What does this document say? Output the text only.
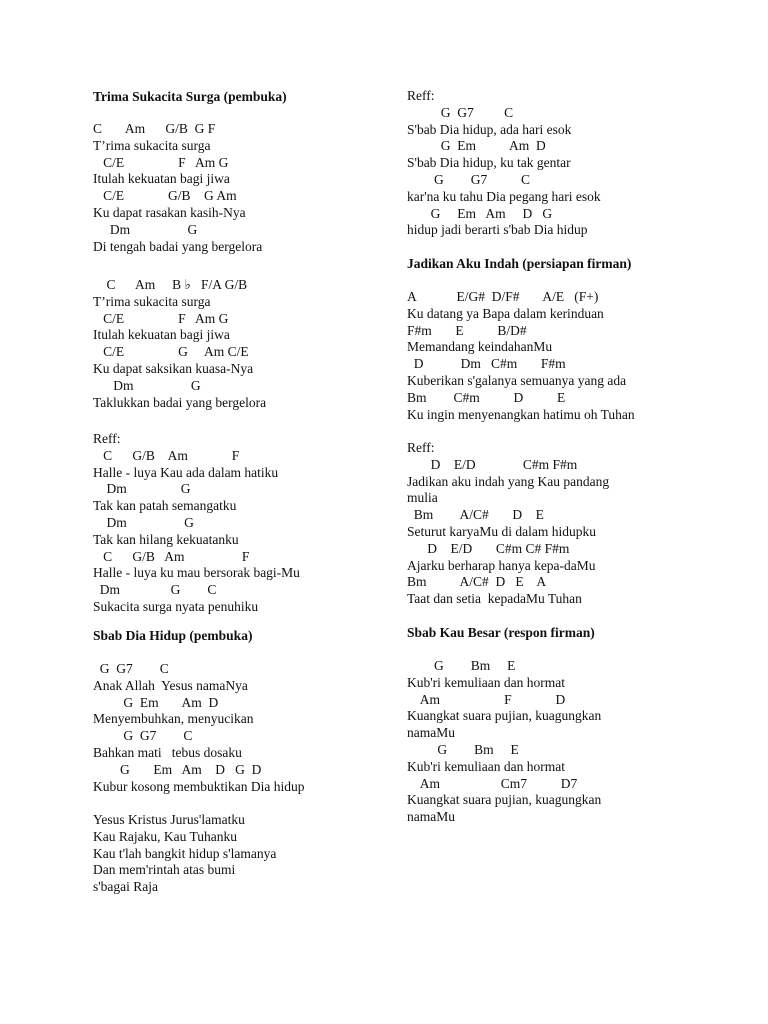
Trima Sukacita Surga (pembuka)
C       Am      G/B  G F
T’rima sukacita surga
C/E                F   Am G
Itulah kekuatan bagi jiwa
C/E             G/B    G Am
Ku dapat rasakan kasih-Nya
Dm                 G
Di tengah badai yang bergelora
C      Am     B ♭   F/A G/B
T’rima sukacita surga
C/E                F   Am G
Itulah kekuatan bagi jiwa
C/E                G     Am C/E
Ku dapat saksikan kuasa-Nya
Dm                 G
Taklukkan badai yang bergelora
Reff:
C      G/B    Am             F
Halle - luya Kau ada dalam hatiku
Dm                G
Tak kan patah semangatku
Dm                 G
Tak kan hilang kekuatanku
C      G/B   Am                 F
Halle - luya ku mau bersorak bagi-Mu
Dm               G        C
Sukacita surga nyata penuhiku
Sbab Dia Hidup (pembuka)
G  G7        C
Anak Allah  Yesus namaNya
G  Em       Am  D
Menyembuhkan, menyucikan
G  G7        C
Bahkan mati   tebus dosaku
G       Em   Am    D   G  D
Kubur kosong membuktikan Dia hidup
Yesus Kristus Jurus'lamatku
Kau Rajaku, Kau Tuhanku
Kau t'lah bangkit hidup s'lamanya
Dan mem'rintah atas bumi
s'bagai Raja
Reff:
G  G7         C
S'bab Dia hidup, ada hari esok
G  Em          Am  D
S'bab Dia hidup, ku tak gentar
G        G7          C
kar'na ku tahu Dia pegang hari esok
G     Em   Am     D   G
hidup jadi berarti s'bab Dia hidup
Jadikan Aku Indah (persiapan firman)
A            E/G#  D/F#       A/E   (F+)
Ku datang ya Bapa dalam kerinduan
F#m       E          B/D#
Memandang keindahanMu
D           Dm   C#m       F#m
Kuberikan s'galanya semuanya yang ada
Bm        C#m          D          E
Ku ingin menyenangkan hatimu oh Tuhan
Reff:
D    E/D              C#m F#m
Jadikan aku indah yang Kau pandang
mulia
Bm        A/C#       D    E
Seturut karyaMu di dalam hidupku
D    E/D       C#m C# F#m
Ajarku berharap hanya kepa-daMu
Bm          A/C#  D   E    A
Taat dan setia  kepadaMu Tuhan
Sbab Kau Besar (respon firman)
G        Bm     E
Kub'ri kemuliaan dan hormat
Am                   F             D
Kuangkat suara pujian, kuagungkan
namaMu
G        Bm     E
Kub'ri kemuliaan dan hormat
Am                  Cm7          D7
Kuangkat suara pujian, kuagungkan
namaMu
